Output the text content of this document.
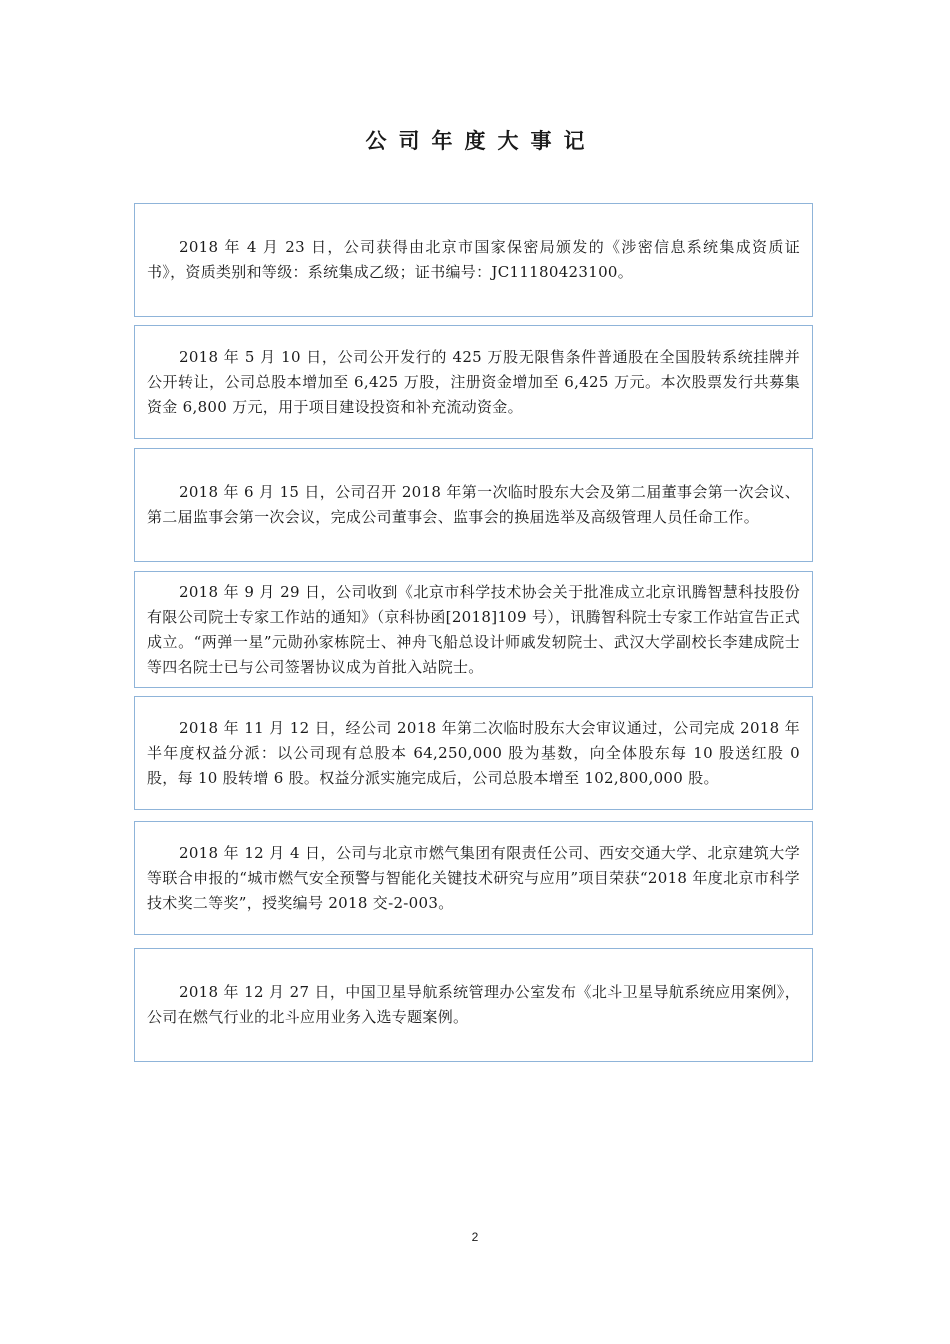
公司年度大事记

2018 年 4 月 23 日，公司获得由北京市国家保密局颁发的《涉密信息系统集成资质证书》，资质类别和等级：系统集成乙级；证书编号：JC11180423100。

2018 年 5 月 10 日，公司公开发行的 425 万股无限售条件普通股在全国股转系统挂牌并公开转让，公司总股本增加至 6,425 万股，注册资金增加至 6,425 万元。本次股票发行共募集资金 6,800 万元，用于项目建设投资和补充流动资金。

2018 年 6 月 15 日，公司召开 2018 年第一次临时股东大会及第二届董事会第一次会议、第二届监事会第一次会议，完成公司董事会、监事会的换届选举及高级管理人员任命工作。

2018 年 9 月 29 日，公司收到《北京市科学技术协会关于批准成立北京讯腾智慧科技股份有限公司院士专家工作站的通知》（京科协函[2018]109 号），讯腾智科院士专家工作站宣告正式成立。“两弹一星”元勋孙家栋院士、神舟飞船总设计师戚发轫院士、武汉大学副校长李建成院士等四名院士已与公司签署协议成为首批入站院士。

2018 年 11 月 12 日，经公司 2018 年第二次临时股东大会审议通过，公司完成 2018 年半年度权益分派：以公司现有总股本 64,250,000 股为基数，向全体股东每 10 股送红股 0 股，每 10 股转增 6 股。权益分派实施完成后，公司总股本增至 102,800,000 股。

2018 年 12 月 4 日，公司与北京市燃气集团有限责任公司、西安交通大学、北京建筑大学等联合申报的“城市燃气安全预警与智能化关键技术研究与应用”项目荣获“2018 年度北京市科学技术奖二等奖”，授奖编号 2018 交-2-003。

2018 年 12 月 27 日，中国卫星导航系统管理办公室发布《北斗卫星导航系统应用案例》，公司在燃气行业的北斗应用业务入选专题案例。

2
